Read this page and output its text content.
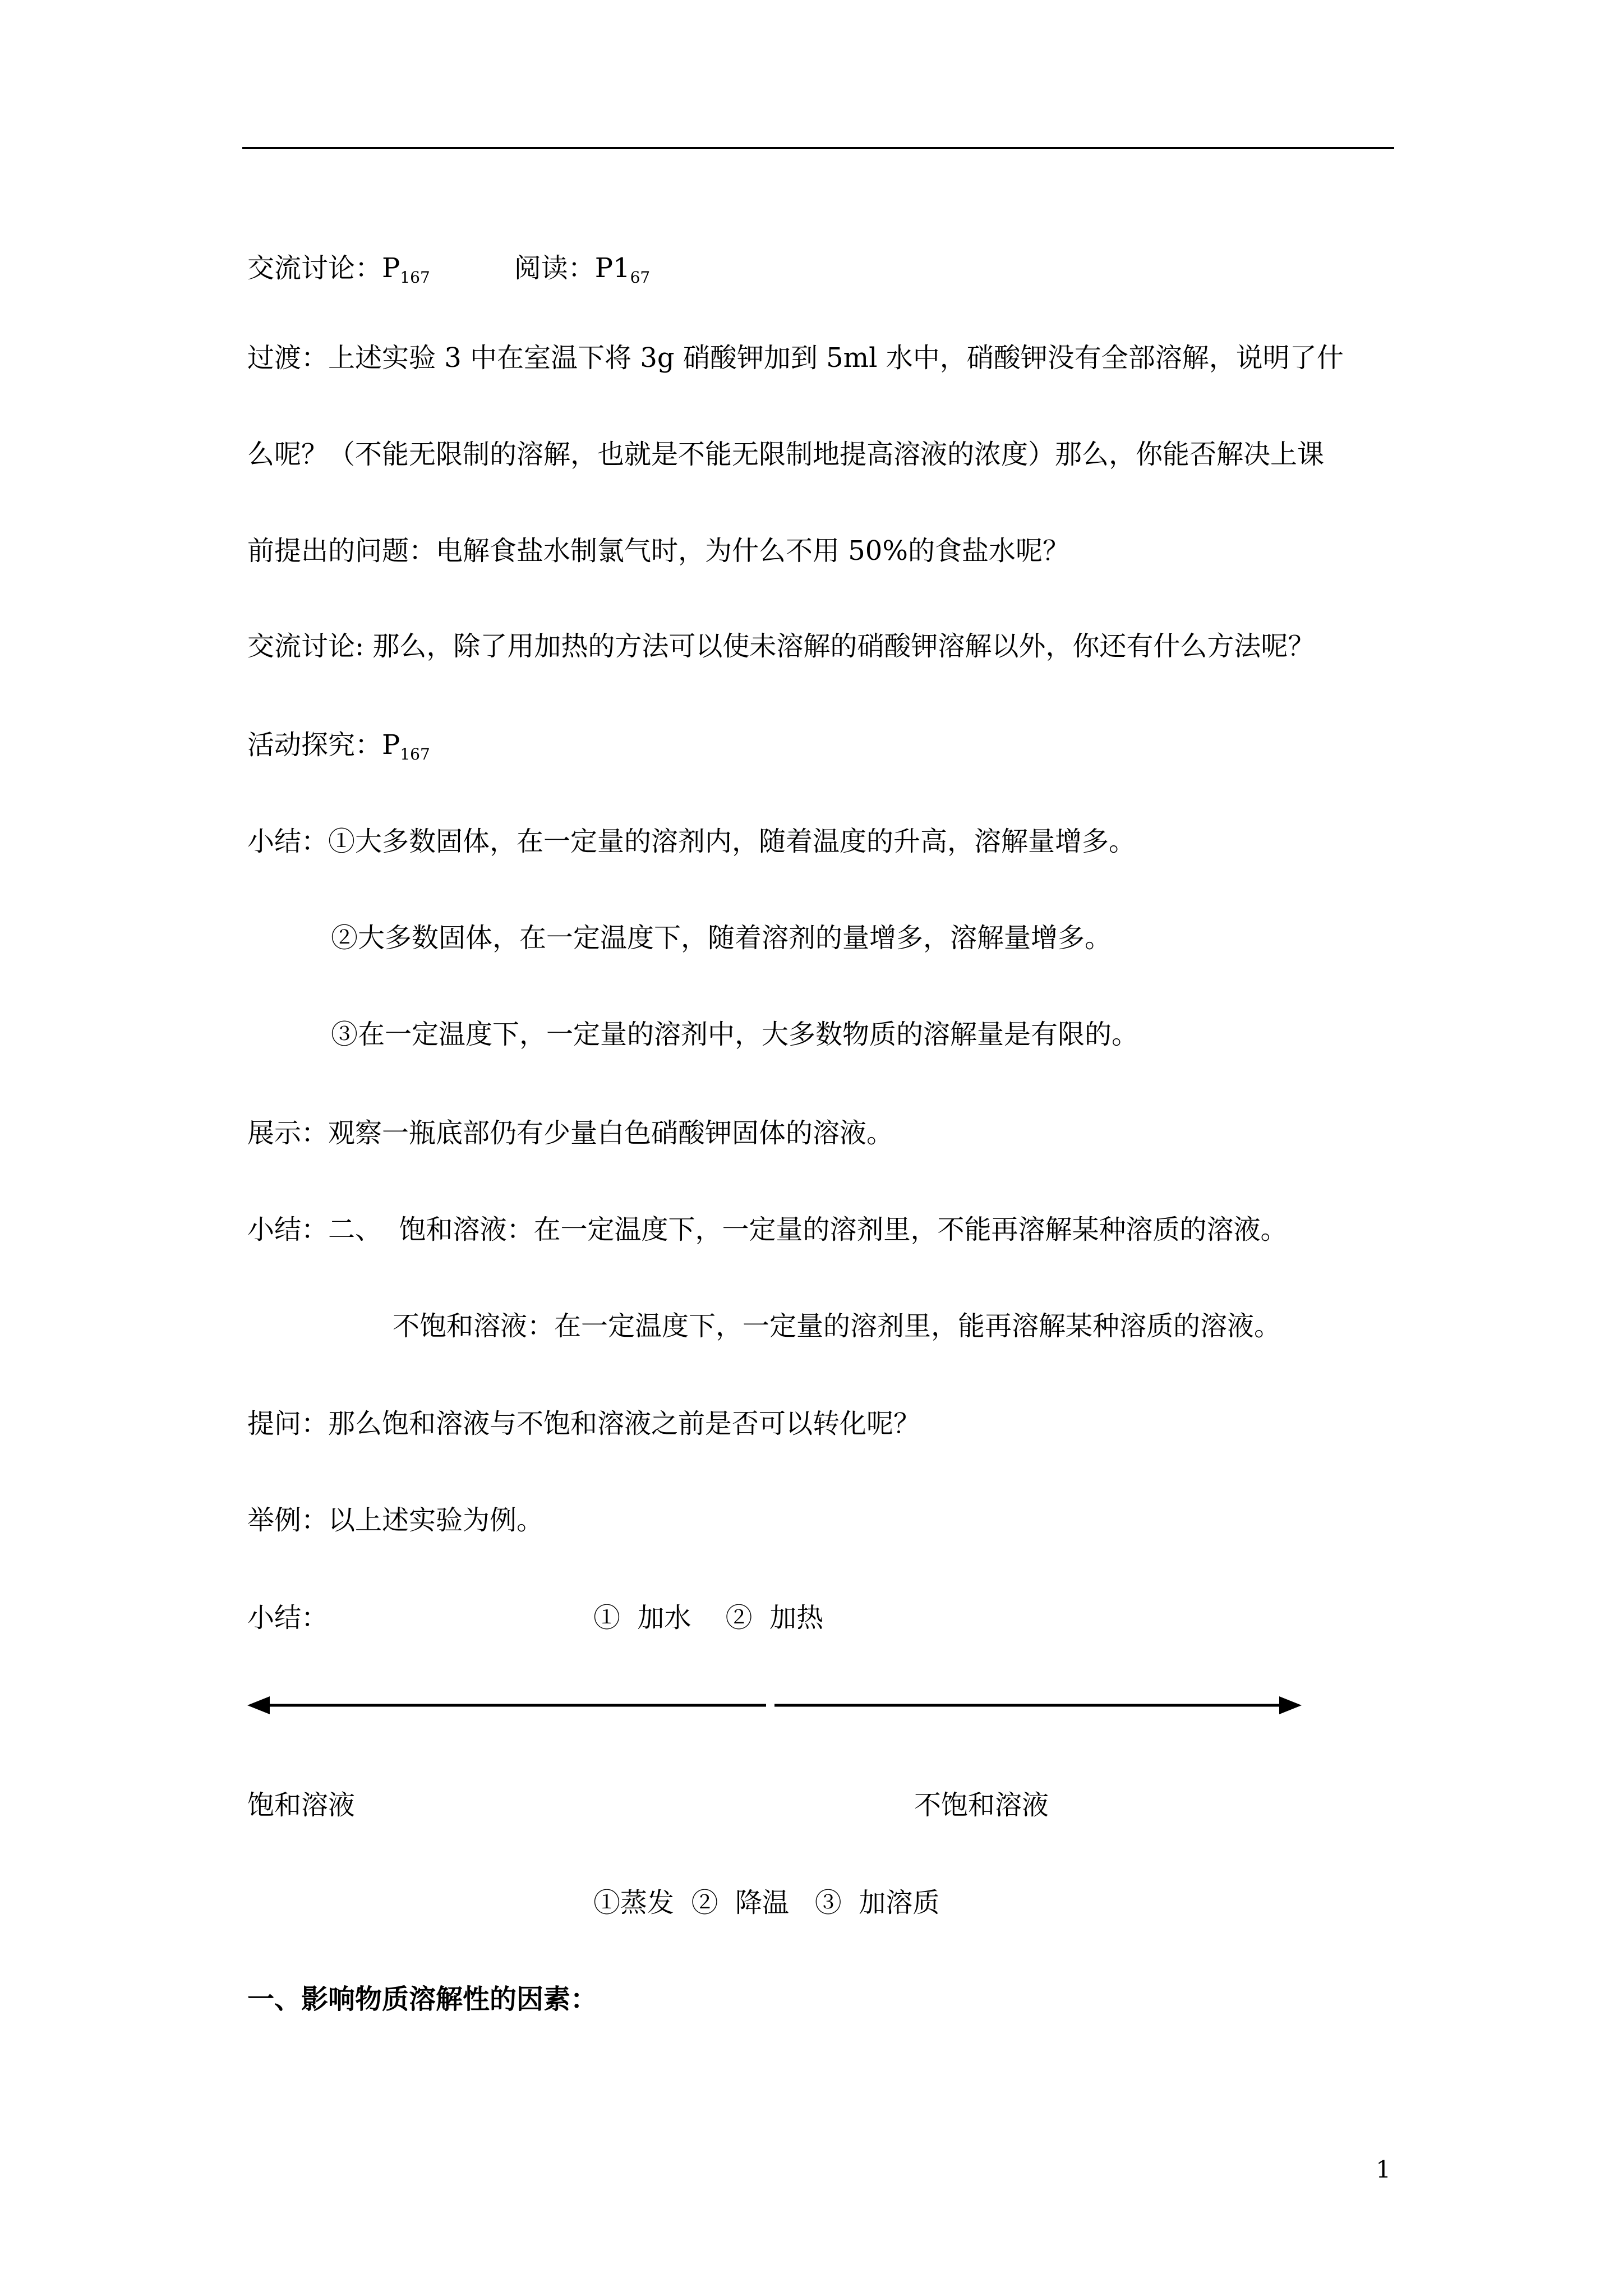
交流讨论：$P_{167}$	阅读：$P1_{67}$
过渡：上述实验 3 中在室温下将 3g 硝酸钾加到 5ml 水中，硝酸钾没有全部溶解，说明了什
么呢？（不能无限制的溶解，也就是不能无限制地提高溶液的浓度）那么，你能否解决上课
前提出的问题：电解食盐水制氯气时，为什么不用 50%的食盐水呢？
交流讨论: 那么，除了用加热的方法可以使未溶解的硝酸钾溶解以外，你还有什么方法呢？
活动探究：$P_{167}$
小结：①大多数固体，在一定量的溶剂内，随着温度的升高，溶解量增多。
②大多数固体，在一定温度下，随着溶剂的量增多，溶解量增多。
③在一定温度下，一定量的溶剂中，大多数物质的溶解量是有限的。
展示：观察一瓶底部仍有少量白色硝酸钾固体的溶液。
小结：二、  饱和溶液：在一定温度下，一定量的溶剂里，不能再溶解某种溶质的溶液。
不饱和溶液：在一定温度下，一定量的溶剂里，能再溶解某种溶质的溶液。
提问：那么饱和溶液与不饱和溶液之前是否可以转化呢？
举例：以上述实验为例。
小结：	①  加水    ②  加热
饱和溶液	不饱和溶液
①蒸发  ②  降温   ③  加溶质
一、影响物质溶解性的因素：
1
